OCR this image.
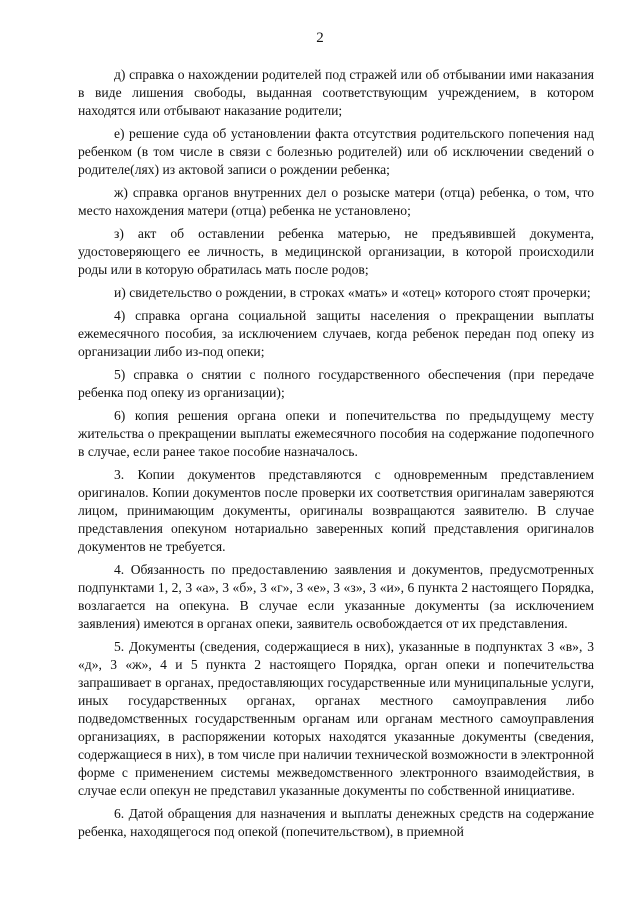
2

д) справка о нахождении родителей под стражей или об отбывании ими наказания в виде лишения свободы, выданная соответствующим учреждением, в котором находятся или отбывают наказание родители;

е) решение суда об установлении факта отсутствия родительского попечения над ребенком (в том числе в связи с болезнью родителей) или об исключении сведений о родителе(лях) из актовой записи о рождении ребенка;

ж) справка органов внутренних дел о розыске матери (отца) ребенка, о том, что место нахождения матери (отца) ребенка не установлено;

з) акт об оставлении ребенка матерью, не предъявившей документа, удостоверяющего ее личность, в медицинской организации, в которой происходили роды или в которую обратилась мать после родов;

и) свидетельство о рождении, в строках «мать» и «отец» которого стоят прочерки;

4) справка органа социальной защиты населения о прекращении выплаты ежемесячного пособия, за исключением случаев, когда ребенок передан под опеку из организации либо из-под опеки;

5) справка о снятии с полного государственного обеспечения (при передаче ребенка под опеку из организации);

6) копия решения органа опеки и попечительства по предыдущему месту жительства о прекращении выплаты ежемесячного пособия на содержание подопечного в случае, если ранее такое пособие назначалось.

3. Копии документов представляются с одновременным представлением оригиналов. Копии документов после проверки их соответствия оригиналам заверяются лицом, принимающим документы, оригиналы возвращаются заявителю. В случае представления опекуном нотариально заверенных копий представления оригиналов документов не требуется.

4. Обязанность по предоставлению заявления и документов, предусмотренных подпунктами 1, 2, 3 «а», 3 «б», 3 «г», 3 «е», 3 «з», 3 «и», 6 пункта 2 настоящего Порядка, возлагается на опекуна. В случае если указанные документы (за исключением заявления) имеются в органах опеки, заявитель освобождается от их представления.

5. Документы (сведения, содержащиеся в них), указанные в подпунктах 3 «в», 3 «д», 3 «ж», 4 и 5 пункта 2 настоящего Порядка, орган опеки и попечительства запрашивает в органах, предоставляющих государственные или муниципальные услуги, иных государственных органах, органах местного самоуправления либо подведомственных государственным органам или органам местного самоуправления организациях, в распоряжении которых находятся указанные документы (сведения, содержащиеся в них), в том числе при наличии технической возможности в электронной форме с применением системы межведомственного электронного взаимодействия, в случае если опекун не представил указанные документы по собственной инициативе.

6. Датой обращения для назначения и выплаты денежных средств на содержание ребенка, находящегося под опекой (попечительством), в приемной
